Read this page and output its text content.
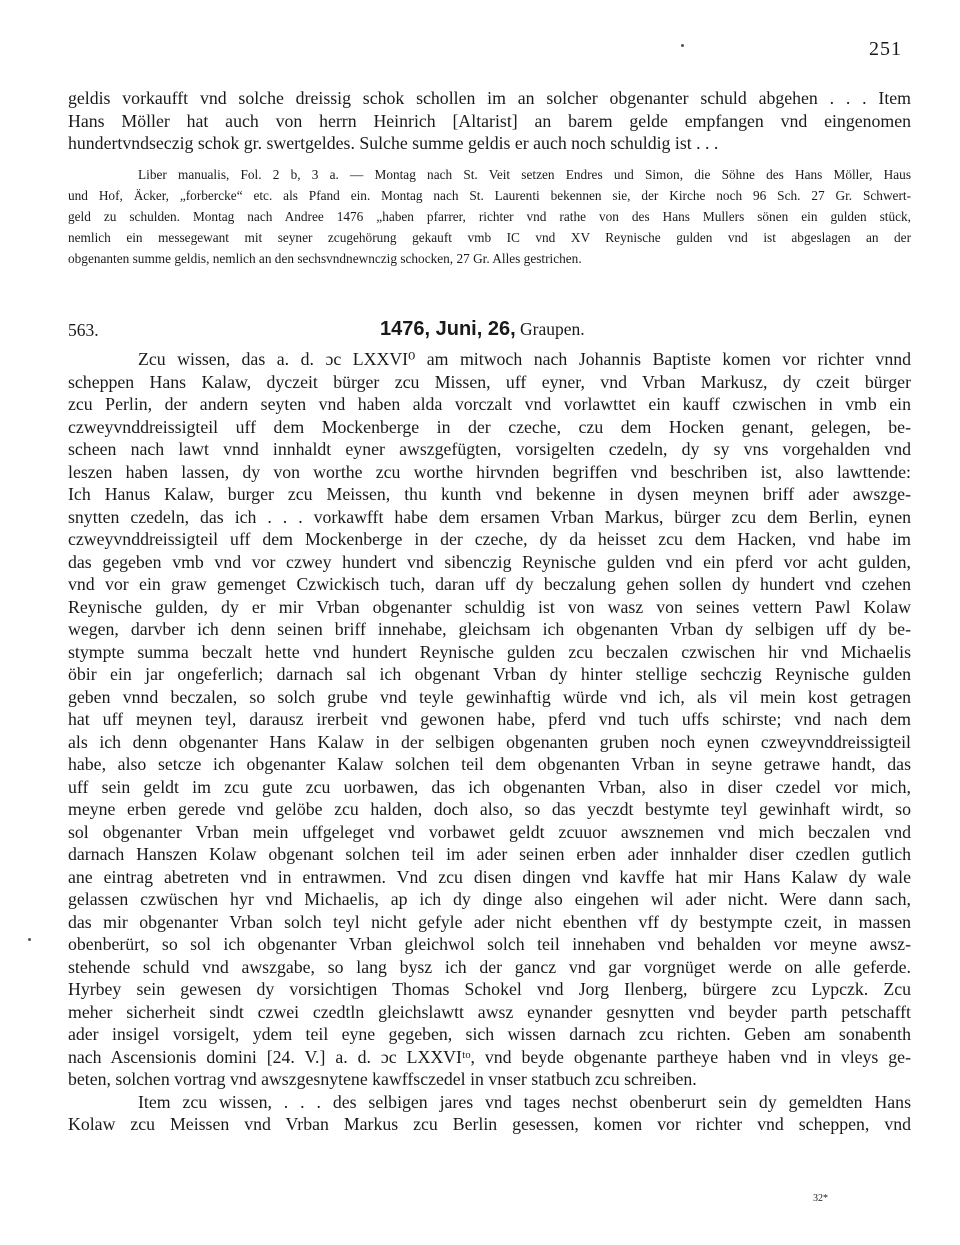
251
geldis vorkaufft vnd solche dreissig schok schollen im an solcher obgenanter schuld abgehen . . . Item
Hans Möller hat auch von herrn Heinrich [Altarist] an barem gelde empfangen vnd eingenomen
hundertvndseczig schok gr. swertgeldes. Sulche summe geldis er auch noch schuldig ist . . .
Liber manualis, Fol. 2 b, 3 a. — Montag nach St. Veit setzen Endres und Simon, die Söhne des Hans Möller, Haus
und Hof, Äcker, „forbercke“ etc. als Pfand ein. Montag nach St. Laurenti bekennen sie, der Kirche noch 96 Sch. 27 Gr. Schwert-
geld zu schulden. Montag nach Andree 1476 „haben pfarrer, richter vnd rathe von des Hans Mullers sönen ein gulden stück,
nemlich ein messegewant mit seyner zcugehörung gekauft vmb IC vnd XV Reynische gulden vnd ist abgeslagen an der
obgenanten summe geldis, nemlich an den sechsvndnewnczig schocken, 27 Gr. Alles gestrichen.
563.	1476, Juni, 26, Graupen.
Zcu wissen, das a. d. ɔc LXXVI⁰ am mitwoch nach Johannis Baptiste komen vor richter vnnd
scheppen Hans Kalaw, dyczeit bürger zcu Missen, uff eyner, vnd Vrban Markusz, dy czeit bürger
zcu Perlin, der andern seyten vnd haben alda vorczalt vnd vorlawttet ein kauff czwischen in vmb ein
czweyvnddreissigteil uff dem Mockenberge in der czeche, czu dem Hocken genant, gelegen, be-
scheen nach lawt vnnd innhaldt eyner awszgefügten, vorsigelten czedeln, dy sy vns vorgehalden vnd
leszen haben lassen, dy von worthe zcu worthe hirvnden begriffen vnd beschriben ist, also lawttende:
Ich Hanus Kalaw, burger zcu Meissen, thu kunth vnd bekenne in dysen meynen briff ader awszge-
snytten czedeln, das ich . . . vorkawfft habe dem ersamen Vrban Markus, bürger zcu dem Berlin, eynen
czweyvnddreissigteil uff dem Mockenberge in der czeche, dy da heisset zcu dem Hacken, vnd habe im
das gegeben vmb vnd vor czwey hundert vnd sibenczig Reynische gulden vnd ein pferd vor acht gulden,
vnd vor ein graw gemenget Czwickisch tuch, daran uff dy beczalung gehen sollen dy hundert vnd czehen
Reynische gulden, dy er mir Vrban obgenanter schuldig ist von wasz von seines vettern Pawl Kolaw
wegen, darvber ich denn seinen briff innehabe, gleichsam ich obgenanten Vrban dy selbigen uff dy be-
stympte summa beczalt hette vnd hundert Reynische gulden zcu beczalen czwischen hir vnd Michaelis
öbir ein jar ongeferlich; darnach sal ich obgenant Vrban dy hinter stellige sechczig Reynische gulden
geben vnnd beczalen, so solch grube vnd teyle gewinhaftig würde vnd ich, als vil mein kost getragen
hat uff meynen teyl, darausz irerbeit vnd gewonen habe, pferd vnd tuch uffs schirste; vnd nach dem
als ich denn obgenanter Hans Kalaw in der selbigen obgenanten gruben noch eynen czweyvnddreissigteil
habe, also setcze ich obgenanter Kalaw solchen teil dem obgenanten Vrban in seyne getrawe handt, das
uff sein geldt im zcu gute zcu uorbawen, das ich obgenanten Vrban, also in diser czedel vor mich,
meyne erben gerede vnd gelöbe zcu halden, doch also, so das yeczdt bestymte teyl gewinhaft wirdt, so
sol obgenanter Vrban mein uffgeleget vnd vorbawet geldt zcuuor awsznemen vnd mich beczalen vnd
darnach Hanszen Kolaw obgenant solchen teil im ader seinen erben ader innhalder diser czedlen gutlich
ane eintrag abetreten vnd in entrawmen. Vnd zcu disen dingen vnd kavffe hat mir Hans Kalaw dy wale
gelassen czwüschen hyr vnd Michaelis, ap ich dy dinge also eingehen wil ader nicht. Were dann sach,
das mir obgenanter Vrban solch teyl nicht gefyle ader nicht ebenthen vff dy bestympte czeit, in massen
obenberürt, so sol ich obgenanter Vrban gleichwol solch teil innehaben vnd behalden vor meyne awsz-
stehende schuld vnd awszgabe, so lang bysz ich der gancz vnd gar vorgnüget werde on alle geferde.
Hyrbey sein gewesen dy vorsichtigen Thomas Schokel vnd Jorg Ilenberg, bürgere zcu Lypczk. Zcu
meher sicherheit sindt czwei czedtln gleichslawtt awsz eynander gesnytten vnd beyder parth petschafft
ader insigel vorsigelt, ydem teil eyne gegeben, sich wissen darnach zcu richten. Geben am sonabenth
nach Ascensionis domini [24. V.] a. d. ɔc LXXVIᵗᵒ, vnd beyde obgenante partheye haben vnd in vleys ge-
beten, solchen vortrag vnd awszgesnytene kawffsczedel in vnser statbuch zcu schreiben.
Item zcu wissen, . . . des selbigen jares vnd tages nechst obenberurt sein dy gemeldten Hans
Kolaw zcu Meissen vnd Vrban Markus zcu Berlin gesessen, komen vor richter vnd scheppen, vnd
32*
